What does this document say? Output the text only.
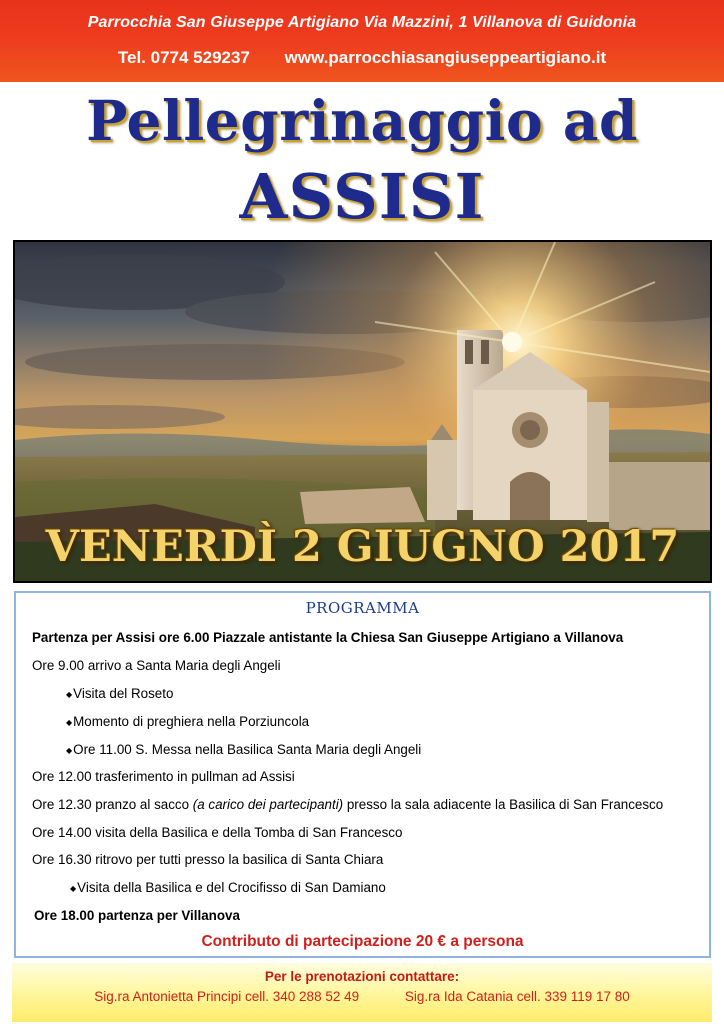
Parrocchia San Giuseppe Artigiano Via Mazzini, 1 Villanova di Guidonia
Tel. 0774 529237 www.parrocchiasangiuseppeartigiano.it
Pellegrinaggio ad
ASSISI
VENERDÌ 2 GIUGNO 2017
PROGRAMMA
Partenza per Assisi ore 6.00 Piazzale antistante la Chiesa San Giuseppe Artigiano a Villanova
Ore 9.00 arrivo a Santa Maria degli Angeli
◆Visita del Roseto
◆Momento di preghiera nella Porziuncola
◆Ore 11.00 S. Messa nella Basilica Santa Maria degli Angeli
Ore 12.00 trasferimento in pullman ad Assisi
Ore 12.30 pranzo al sacco (a carico dei partecipanti) presso la sala adiacente la Basilica di San Francesco
Ore 14.00 visita della Basilica e della Tomba di San Francesco
Ore 16.30 ritrovo per tutti presso la basilica di Santa Chiara
◆Visita della Basilica e del Crocifisso di San Damiano
Ore 18.00 partenza per Villanova
Contributo di partecipazione 20 € a persona
Per le prenotazioni contattare:
Sig.ra Antonietta Principi cell. 340 288 52 49	Sig.ra Ida Catania cell. 339 119 17 80
